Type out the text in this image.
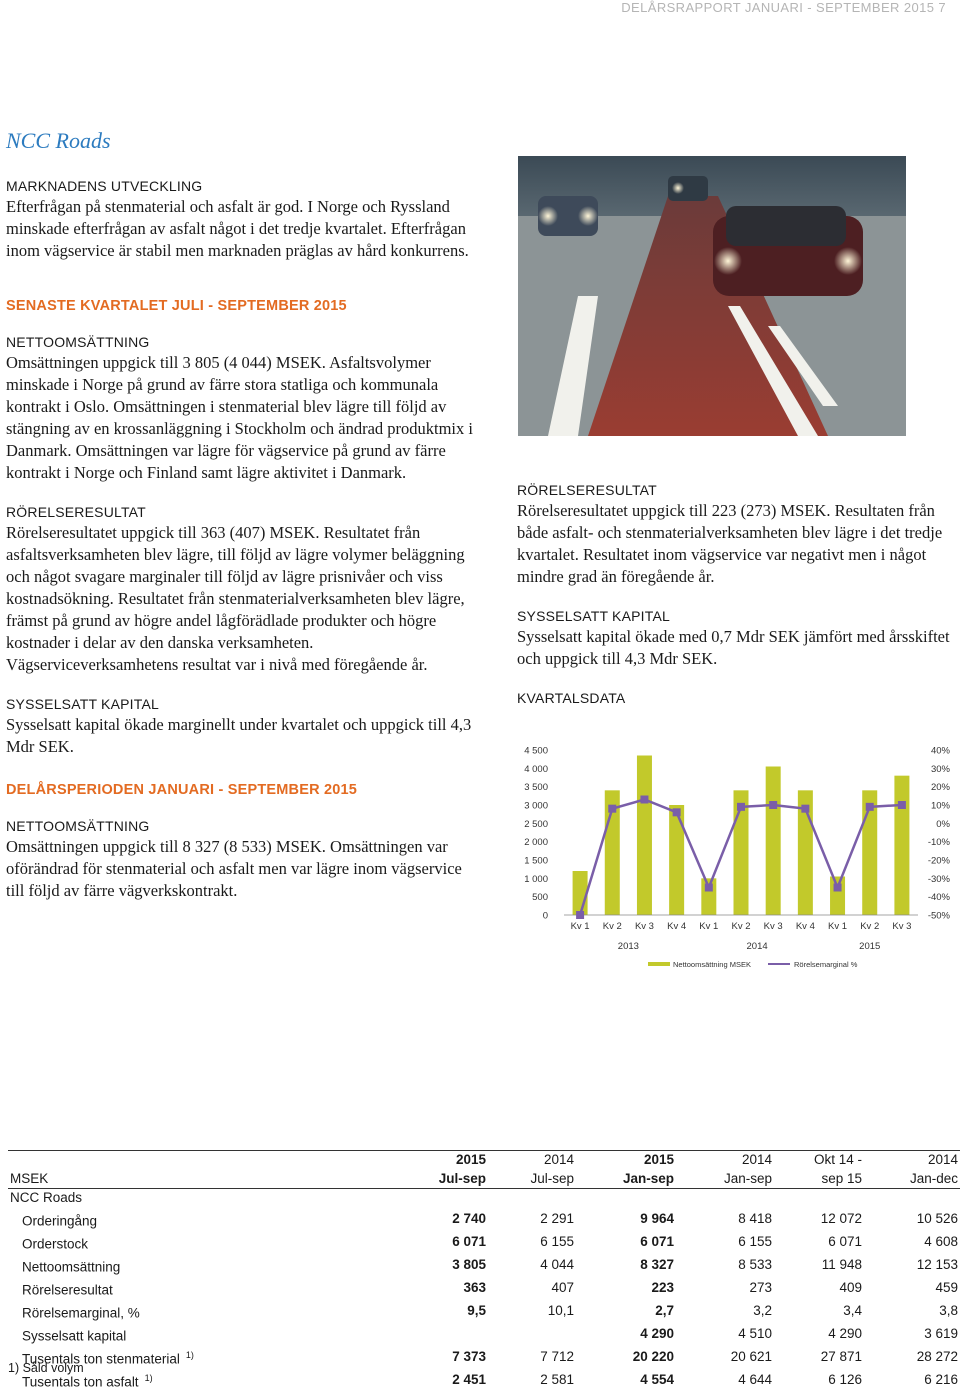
DELÅRSRAPPORT JANUARI - SEPTEMBER 2015 7
NCC Roads
MARKNADENS UTVECKLING

Efterfrågan på stenmaterial och asfalt är god. I Norge och Ryssland minskade efterfrågan av asfalt något i det tredje kvartalet. Efterfrågan inom vägservice är stabil men marknaden präglas av hård konkurrens.

SENASTE KVARTALET JULI - SEPTEMBER 2015
NETTOOMSÄTTNING

Omsättningen uppgick till 3 805 (4 044) MSEK. Asfaltsvolymer minskade i Norge på grund av färre stora statliga och kommunala kontrakt i Oslo. Omsättningen i stenmaterial blev lägre till följd av stängning av en krossanläggning i Stockholm och ändrad produktmix i Danmark. Omsättningen var lägre för vägservice på grund av färre kontrakt i Norge och Finland samt lägre aktivitet i Danmark.

RÖRELSERESULTAT

Rörelseresultatet uppgick till 363 (407) MSEK. Resultatet från asfaltsverksamheten blev lägre, till följd av lägre volymer beläggning och något svagare marginaler till följd av lägre prisnivåer och viss kostnadsökning. Resultatet från stenmaterialverksamheten blev lägre, främst på grund av högre andel lågförädlade produkter och högre kostnader i delar av den danska verksamheten. Vägserviceverksamhetens resultat var i nivå med föregående år.

SYSSELSATT KAPITAL

Sysselsatt kapital ökade marginellt under kvartalet och uppgick till 4,3 Mdr SEK.

DELÅRSPERIODEN JANUARI - SEPTEMBER 2015
NETTOOMSÄTTNING

Omsättningen uppgick till 8 327 (8 533) MSEK. Omsättningen var oförändrad för stenmaterial och asfalt men var lägre inom vägservice till följd av färre vägverkskontrakt.

RÖRELSERESULTAT

Rörelseresultatet uppgick till 223 (273) MSEK. Resultaten från både asfalt- och stenmaterialverksamheten blev lägre i det tredje kvartalet. Resultatet inom vägservice var negativt men i något mindre grad än föregående år.

SYSSELSATT KAPITAL

Sysselsatt kapital ökade med 0,7 Mdr SEK jämfört med årsskiftet och uppgick till 4,3 Mdr SEK.

KVARTALSDATA
4 500
4 000
3 500
3 000
2 500
2 000
1 500
1 000
500
0
40%
30%
20%
10%
0%
-10%
-20%
-30%
-40%
-50%
Kv 1 Kv 2 Kv 3 Kv 4 Kv 1 Kv 2 Kv 3 Kv 4 Kv 1 Kv 2 Kv 3
2013	2014	2015
Nettoomsättning MSEK	Rörelsemarginal %
	2015	2014	2015	2014	Okt 14 -	2014
MSEK	Jul-sep	Jul-sep	Jan-sep	Jan-sep	sep 15	Jan-dec
NCC Roads						
Orderingång	2 740	2 291	9 964	8 418	12 072	10 526
Orderstock	6 071	6 155	6 071	6 155	6 071	4 608
Nettoomsättning	3 805	4 044	8 327	8 533	11 948	12 153
Rörelseresultat	363	407	223	273	409	459
Rörelsemarginal, %	9,5	10,1	2,7	3,2	3,4	3,8
Sysselsatt kapital			4 290	4 510	4 290	3 619
Tusentals ton stenmaterial $^{1)}$	7 373	7 712	20 220	20 621	27 871	28 272
Tusentals ton asfalt $^{1)}$	2 451	2 581	4 554	4 644	6 126	6 216
1) Såld volym
